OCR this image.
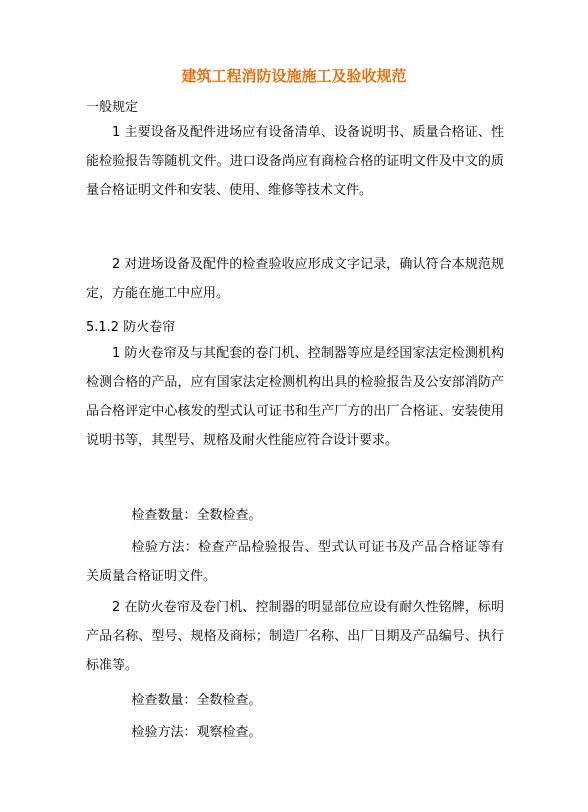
建筑工程消防设施施工及验收规范

一般规定

1 主要设备及配件进场应有设备清单、设备说明书、质量合格证、性能检验报告等随机文件。进口设备尚应有商检合格的证明文件及中文的质量合格证明文件和安装、使用、维修等技术文件。

2 对进场设备及配件的检查验收应形成文字记录，确认符合本规范规定，方能在施工中应用。

5.1.2 防火卷帘

1 防火卷帘及与其配套的卷门机、控制器等应是经国家法定检测机构检测合格的产品，应有国家法定检测机构出具的检验报告及公安部消防产品合格评定中心核发的型式认可证书和生产厂方的出厂合格证、安装使用说明书等，其型号、规格及耐火性能应符合设计要求。

检查数量：全数检查。

检验方法：检查产品检验报告、型式认可证书及产品合格证等有关质量合格证明文件。

2 在防火卷帘及卷门机、控制器的明显部位应设有耐久性铭牌，标明产品名称、型号、规格及商标；制造厂名称、出厂日期及产品编号、执行标准等。

检查数量：全数检查。

检验方法：观察检查。
